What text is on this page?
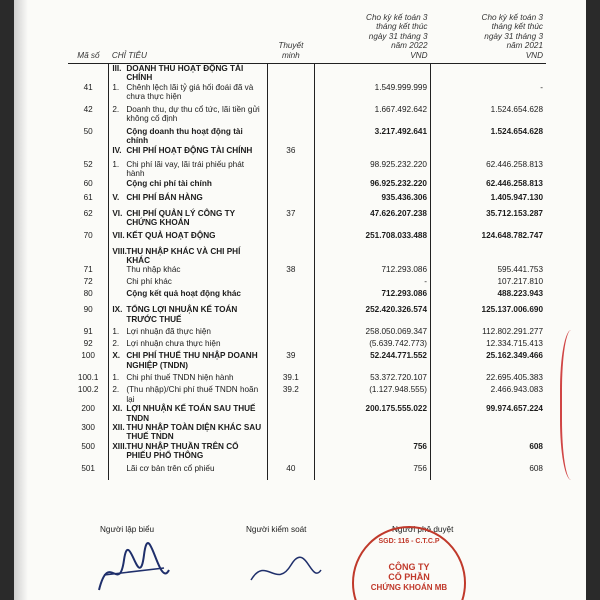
Mã số	CHỈ TIÊU	Thuyết minh	Cho kỳ kế toán 3
tháng kết thúc
ngày 31 tháng 3
năm 2022
VND	Cho kỳ kế toán 3
tháng kết thúc
ngày 31 tháng 3
năm 2021
VND

	III. DOANH THU HOẠT ĐỘNG TÀI CHÍNH			

41	1. Chênh lệch lãi tỷ giá hối đoái đã và chưa thực hiện		1.549.999.999	-
42	2. Doanh thu, dự thu cổ tức, lãi tiền gửi không cố định		1.667.492.642	1.524.654.628
50	Cộng doanh thu hoạt động tài chính		3.217.492.641	1.524.654.628

	IV. CHI PHÍ HOẠT ĐỘNG TÀI CHÍNH	36		
52	1. Chi phí lãi vay, lãi trái phiếu phát hành		98.925.232.220	62.446.258.813
60	Cộng chi phí tài chính		96.925.232.220	62.446.258.813
61	V. CHI PHÍ BÁN HÀNG		935.436.306	1.405.947.130
62	VI. CHI PHÍ QUẢN LÝ CÔNG TY CHỨNG KHOÁN	37	47.626.207.238	35.712.153.287
70	VII. KẾT QUẢ HOẠT ĐỘNG		251.708.033.488	124.648.782.747

	VIII. THU NHẬP KHÁC VÀ CHI PHÍ KHÁC			

71	Thu nhập khác	38	712.293.086	595.441.753
72	Chi phí khác		-	107.217.810
80	Cộng kết quả hoạt động khác		712.293.086	488.223.943
90	IX. TỔNG LỢI NHUẬN KẾ TOÁN TRƯỚC THUẾ		252.420.326.574	125.137.006.690
91	1. Lợi nhuận đã thực hiện		258.050.069.347	112.802.291.277
92	2. Lợi nhuận chưa thực hiện		(5.639.742.773)	12.334.715.413
100	X. CHI PHÍ THUẾ THU NHẬP DOANH NGHIỆP (TNDN)	39	52.244.771.552	25.162.349.466
100.1	1. Chi phí thuế TNDN hiện hành	39.1	53.372.720.107	22.695.405.383
100.2	2. (Thu nhập)/Chi phí thuế TNDN hoãn lại	39.2	(1.127.948.555)	2.466.943.083
200	XI. LỢI NHUẬN KẾ TOÁN SAU THUẾ TNDN		200.175.555.022	99.974.657.224
300	XII. THU NHẬP TOÀN DIỆN KHÁC SAU THUẾ TNDN			

500	XIII. THU NHẬP THUẦN TRÊN CỔ PHIẾU PHỔ THÔNG		756	608
501	Lãi cơ bản trên cổ phiếu	40	756	608
Người lập biểu	Người kiểm soát	Người phê duyệt
SGD: 116 - C.T.C.P
CÔNG TY
CỔ PHẦN
CHỨNG KHOÁN MB
